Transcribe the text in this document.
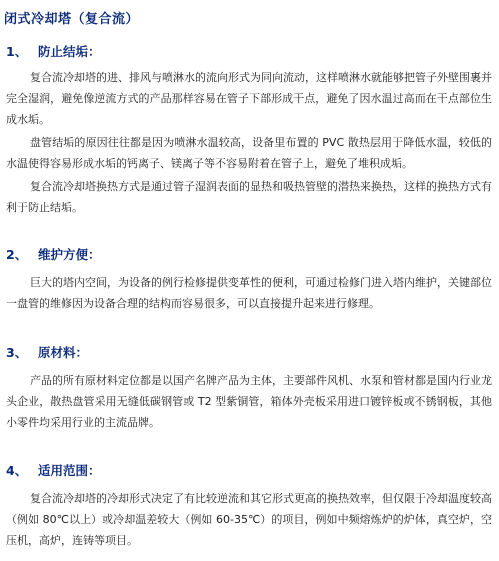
闭式冷却塔（复合流）
1、 防止结垢：

复合流冷却塔的进、排风与喷淋水的流向形式为同向流动，这样喷淋水就能够把管子外壁围裹并完全湿润，避免像逆流方式的产品那样容易在管子下部形成干点，避免了因水温过高而在干点部位生成水垢。

盘管结垢的原因往往都是因为喷淋水温较高，设备里布置的 PVC 散热层用于降低水温，较低的水温使得容易形成水垢的钙离子、镁离子等不容易附着在管子上，避免了堆积成垢。

复合流冷却塔换热方式是通过管子湿润表面的显热和吸热管壁的潜热来换热，这样的换热方式有利于防止结垢。

2、 维护方便：

巨大的塔内空间，为设备的例行检修提供变革性的便利，可通过检修门进入塔内维护，关键部位一盘管的维修因为设备合理的结构而容易很多，可以直接提升起来进行修理。

3、 原材料：

产品的所有原材料定位都是以国产名牌产品为主体，主要部件风机、水泵和管材都是国内行业龙头企业，散热盘管采用无缝低碳钢管或 T2 型紫铜管，箱体外壳板采用进口镀锌板或不锈钢板，其他小零件均采用行业的主流品牌。

4、 适用范围：

复合流冷却塔的冷却形式决定了有比较逆流和其它形式更高的换热效率，但仅限于冷却温度较高（例如 80℃以上）或冷却温差较大（例如 60-35℃）的项目，例如中频熔炼炉的炉体，真空炉，空压机，高炉，连铸等项目。
